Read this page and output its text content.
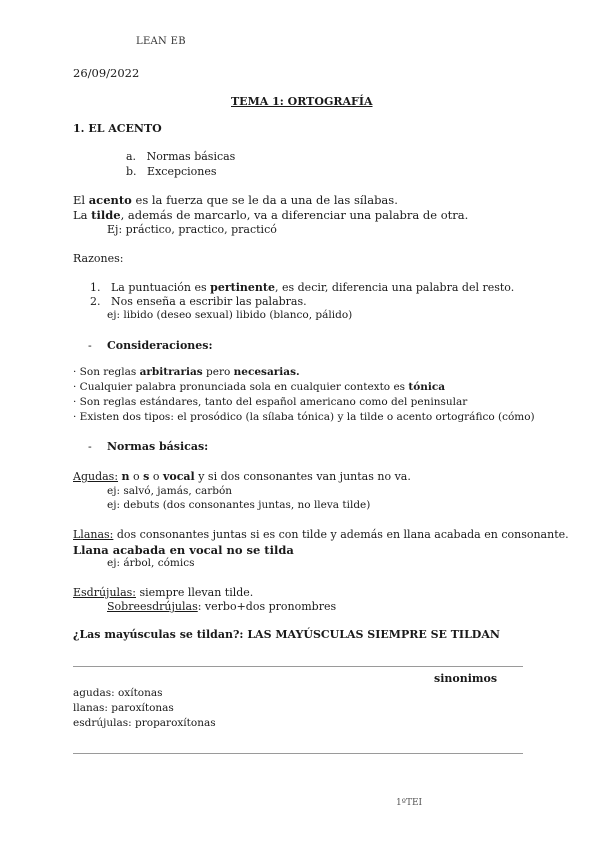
LEAN EB
26/09/2022
TEMA 1: ORTOGRAFÍA
1. EL ACENTO
a. Normas básicas
b. Excepciones
El acento es la fuerza que se le da a una de las sílabas.
La tilde, además de marcarlo, va a diferenciar una palabra de otra.
Ej: práctico, practico, practicó
Razones:
1. La puntuación es pertinente, es decir, diferencia una palabra del resto.
2. Nos enseña a escribir las palabras.
ej: libido (deseo sexual) libido (blanco, pálido)
- Consideraciones:
· Son reglas arbitrarias pero necesarias.
· Cualquier palabra pronunciada sola en cualquier contexto es tónica
· Son reglas estándares, tanto del español americano como del peninsular
· Existen dos tipos: el prosódico (la sílaba tónica) y la tilde o acento ortográfico (cómo)
- Normas básicas:
Agudas: n o s o vocal y si dos consonantes van juntas no va.
ej: salvó, jamás, carbón
ej: debuts (dos consonantes juntas, no lleva tilde)
Llanas: dos consonantes juntas si es con tilde y además en llana acabada en consonante.
Llana acabada en vocal no se tilda
ej: árbol, cómics
Esdrújulas: siempre llevan tilde.
Sobreesdrújulas: verbo+dos pronombres
¿Las mayúsculas se tildan?: LAS MAYÚSCULAS SIEMPRE SE TILDAN
sinonimos
agudas: oxítonas
llanas: paroxítonas
esdrújulas: proparoxítonas
1ºTEI
